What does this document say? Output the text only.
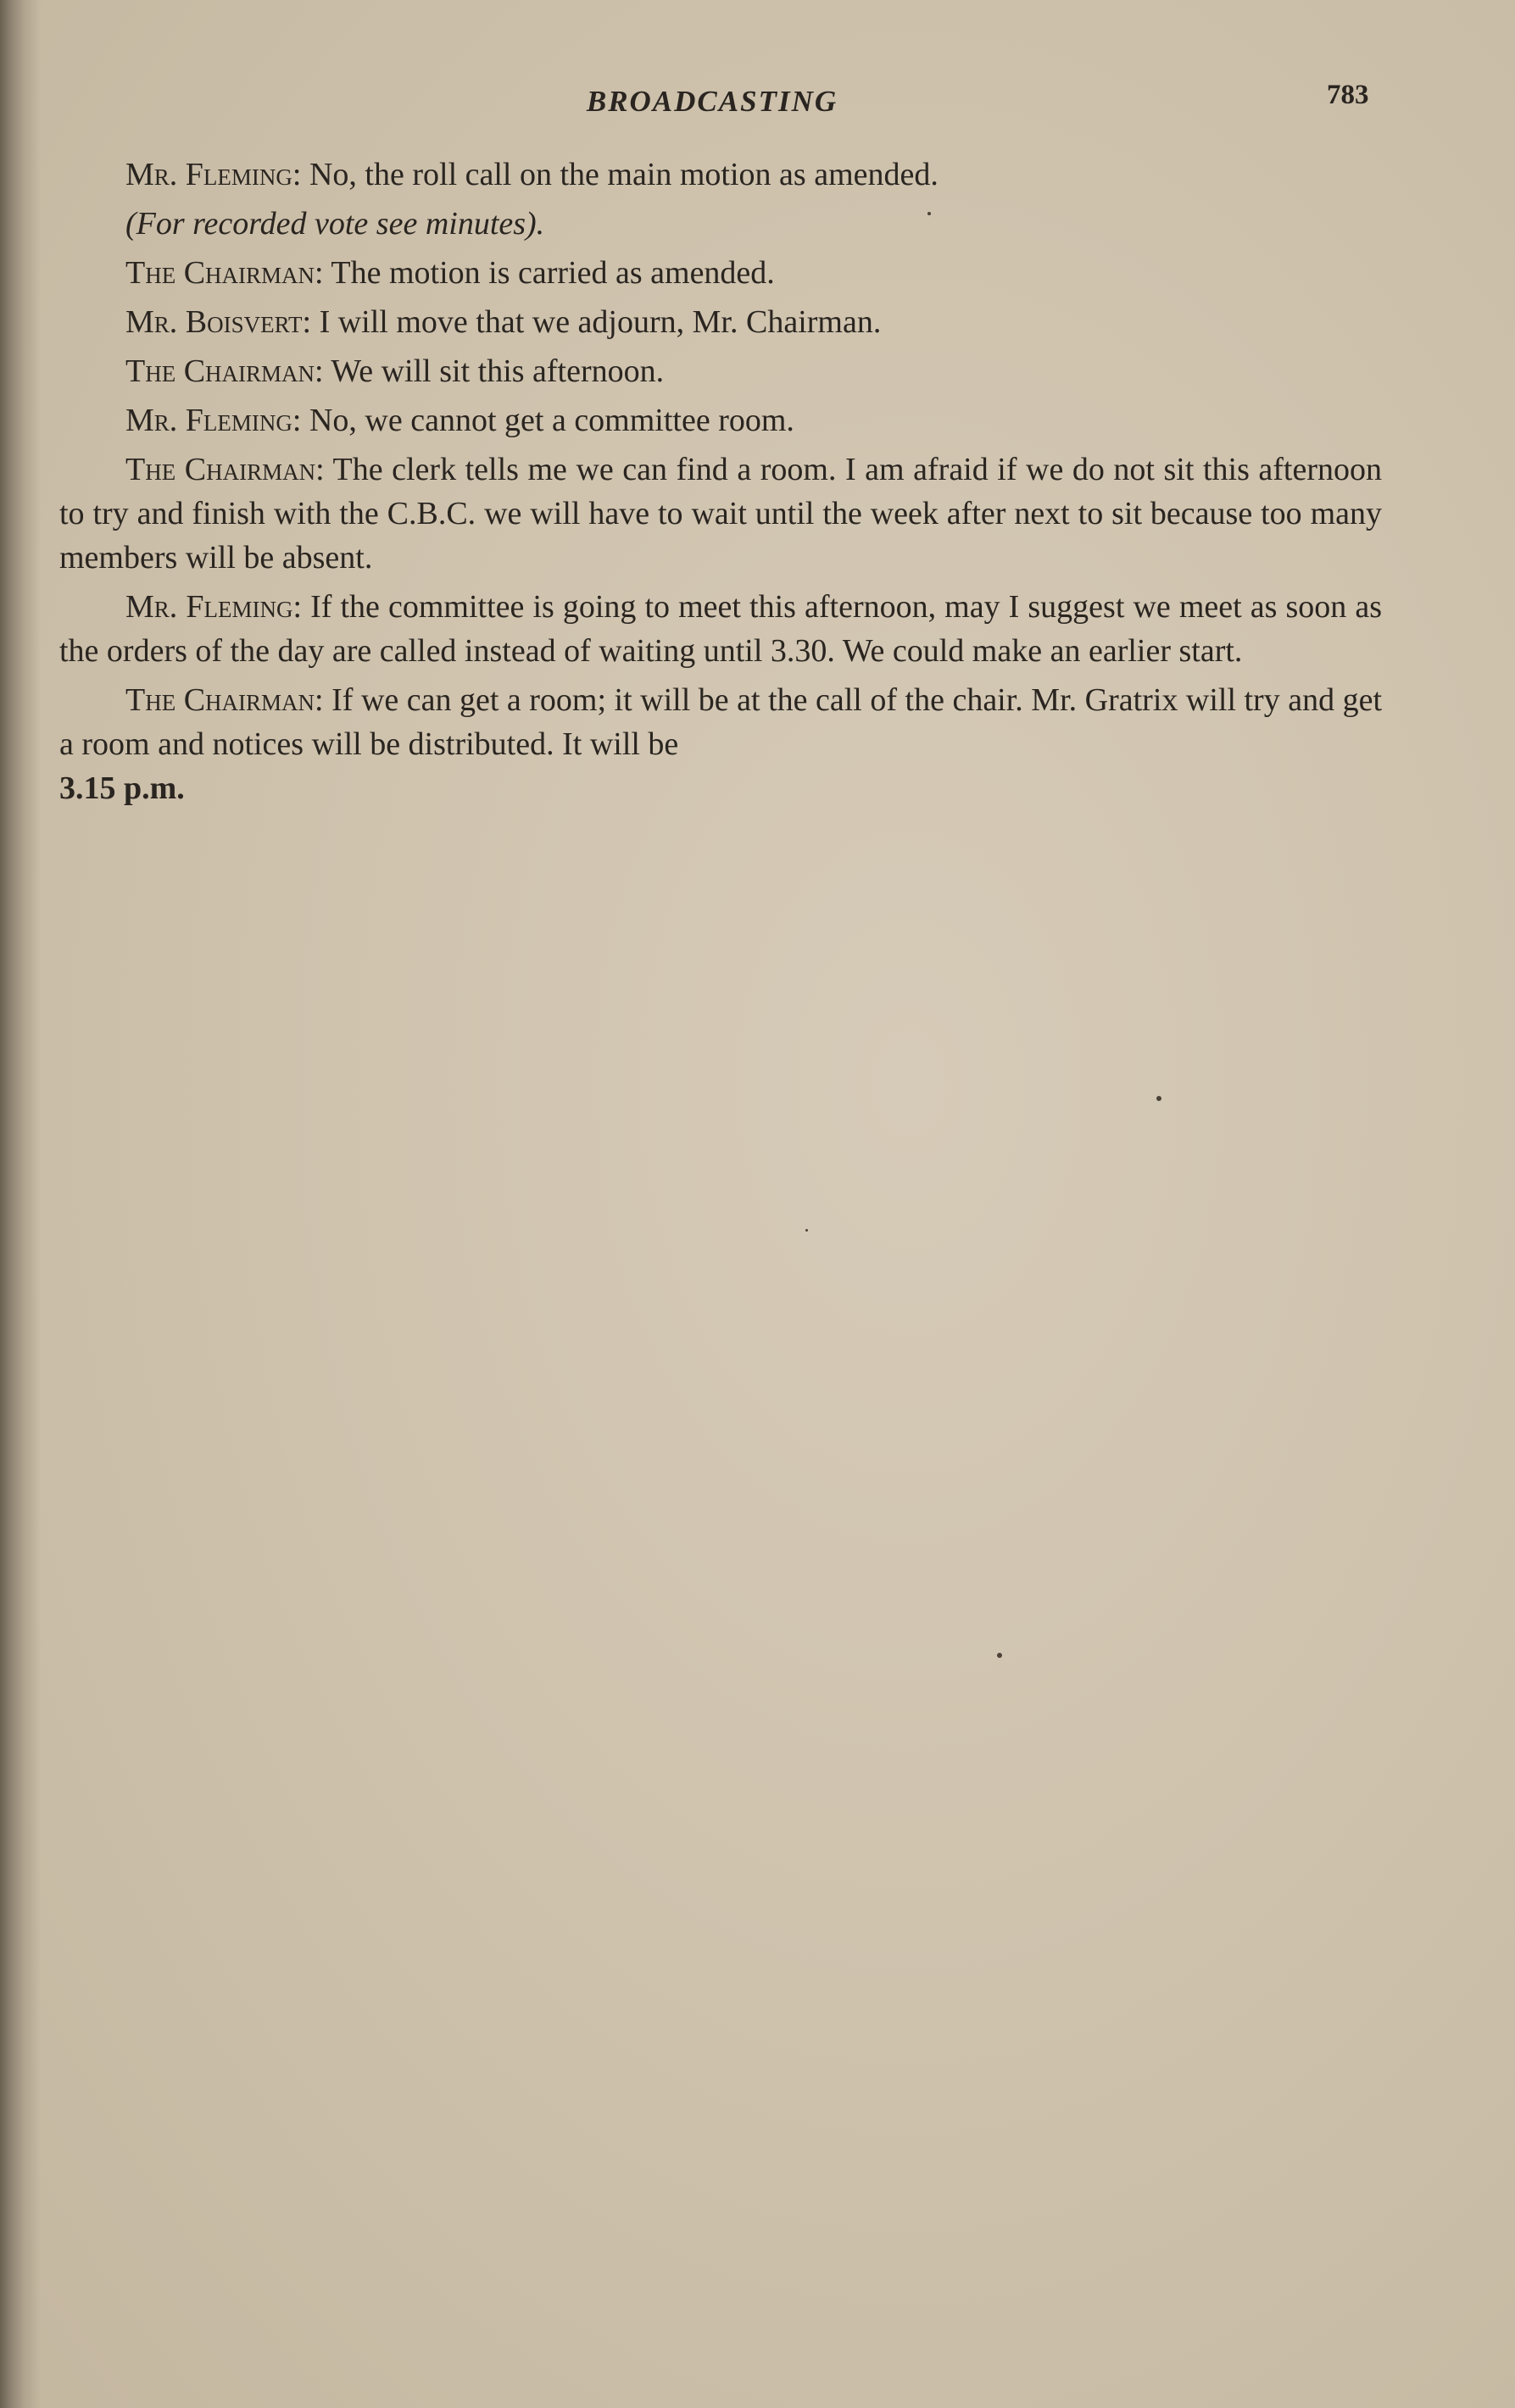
BROADCASTING	783

Mr. Fleming: No, the roll call on the main motion as amended.

(For recorded vote see minutes).

The Chairman: The motion is carried as amended.

Mr. Boisvert: I will move that we adjourn, Mr. Chairman.

The Chairman: We will sit this afternoon.

Mr. Fleming: No, we cannot get a committee room.

The Chairman: The clerk tells me we can find a room. I am afraid if we do not sit this afternoon to try and finish with the C.B.C. we will have to wait until the week after next to sit because too many members will be absent.

Mr. Fleming: If the committee is going to meet this afternoon, may I suggest we meet as soon as the orders of the day are called instead of waiting until 3.30. We could make an earlier start.

The Chairman: If we can get a room; it will be at the call of the chair. Mr. Gratrix will try and get a room and notices will be distributed. It will be
3.15 p.m.
